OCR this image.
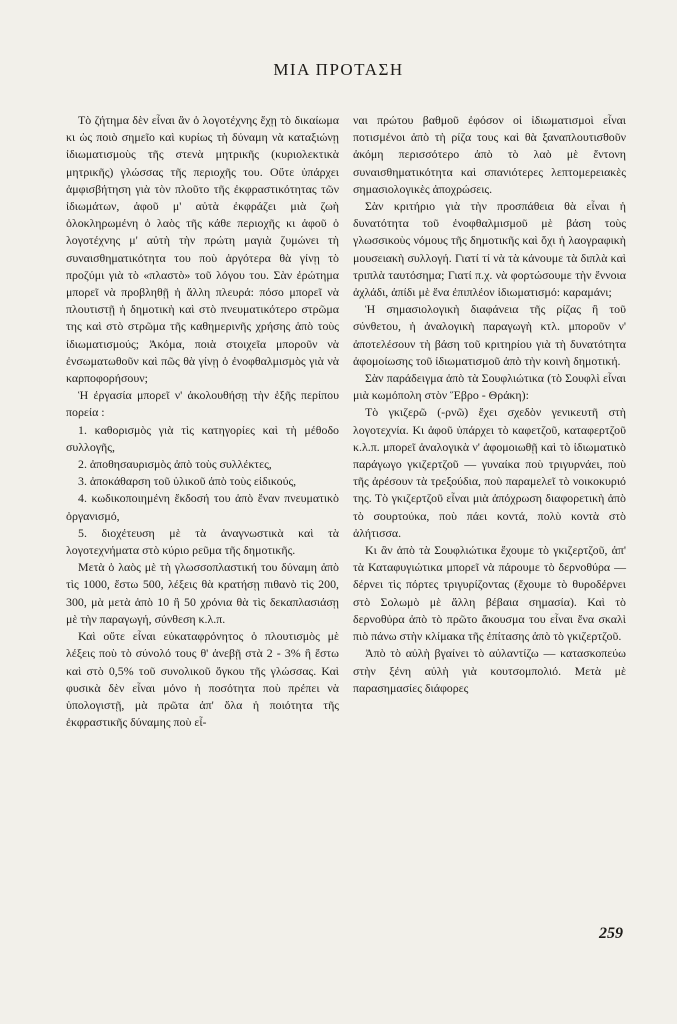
ΜΙΑ ΠΡΟΤΑΣΗ

Τὸ ζήτημα δὲν εἶναι ἂν ὁ λογοτέχνης ἔχῃ τὸ δικαίωμα κι ὡς ποιὸ σημεῖο καὶ κυρίως τὴ δύναμη νὰ καταξιώνῃ ἰδιωματισμοὺς τῆς στενὰ μητρικῆς (κυριολεκτικὰ μητρικῆς) γλώσσας τῆς περιοχῆς του. Οὔτε ὑπάρχει ἀμφισβήτηση γιὰ τὸν πλοῦτο τῆς ἐκφραστικότητας τῶν ἰδιωμάτων, ἀφοῦ μ' αὐτὰ ἐκφράζει μιὰ ζωὴ ὁλοκληρωμένη ὁ λαὸς τῆς κάθε περιοχῆς κι ἀφοῦ ὁ λογοτέχνης μ' αὐτὴ τὴν πρώτη μαγιὰ ζυμώνει τὴ συναισθηματικότητα του ποὺ ἀργότερα θὰ γίνῃ τὸ προζύμι γιὰ τὸ «πλαστὸ» τοῦ λόγου του. Σὰν ἐρώτημα μπορεῖ νὰ προβληθῇ ἡ ἄλλη πλευρά: πόσο μπορεῖ νὰ πλουτιστῇ ἡ δημοτικὴ καὶ στὸ πνευματικότερο στρῶμα της καὶ στὸ στρῶμα τῆς καθημερινῆς χρήσης ἀπὸ τοὺς ἰδιωματισμούς; Ἀκόμα, ποιὰ στοιχεῖα μποροῦν νὰ ἐνσωματωθοῦν καὶ πῶς θὰ γίνῃ ὁ ἐνοφθαλμισμὸς γιὰ νὰ καρποφορήσουν;

Ἡ ἐργασία μπορεῖ ν' ἀκολουθήσῃ τὴν ἑξῆς περίπου πορεία :

1. καθορισμὸς γιὰ τὶς κατηγορίες καὶ τὴ μέθοδο συλλογῆς,

2. ἀποθησαυρισμὸς ἀπὸ τοὺς συλλέκτες,

3. ἀποκάθαρση τοῦ ὑλικοῦ ἀπὸ τοὺς εἰδικούς,

4. κωδικοποιημένη ἔκδοσή του ἀπὸ ἕναν πνευματικὸ ὀργανισμό,

5. διοχέτευση μὲ τὰ ἀναγνωστικὰ καὶ τὰ λογοτεχνήματα στὸ κύριο ρεῦμα τῆς δημοτικῆς.

Μετὰ ὁ λαὸς μὲ τὴ γλωσσοπλαστική του δύναμη ἀπὸ τὶς 1000, ἔστω 500, λέξεις θὰ κρατήσῃ πιθανὸ τὶς 200, 300, μὰ μετὰ ἀπὸ 10 ἢ 50 χρόνια θὰ τὶς δεκαπλασιάσῃ μὲ τὴν παραγωγή, σύνθεση κ.λ.π.

Καὶ οὔτε εἶναι εὐκαταφρόνητος ὁ πλουτισμὸς μὲ λέξεις ποὺ τὸ σύνολό τους θ' ἀνεβῇ στὰ 2 - 3% ἢ ἔστω καὶ στὸ 0,5% τοῦ συνολικοῦ ὄγκου τῆς γλώσσας. Καὶ φυσικὰ δὲν εἶναι μόνο ἡ ποσότητα ποὺ πρέπει νὰ ὑπολογιστῇ, μὰ πρῶτα ἀπ' ὅλα ἡ ποιότητα τῆς ἐκφραστικῆς δύναμης ποὺ εἶ-

ναι πρώτου βαθμοῦ ἐφόσον οἱ ἰδιωματισμοὶ εἶναι ποτισμένοι ἀπὸ τὴ ρίζα τους καὶ θὰ ξαναπλουτισθοῦν ἀκόμη περισσότερο ἀπὸ τὸ λαὸ μὲ ἔντονη συναισθηματικότητα καὶ σπανιότερες λεπτομερειακὲς σημασιολογικὲς ἀποχρώσεις.

Σὰν κριτήριο γιὰ τὴν προσπάθεια θὰ εἶναι ἡ δυνατότητα τοῦ ἐνοφθαλμισμοῦ μὲ βάση τοὺς γλωσσικοὺς νόμους τῆς δημοτικῆς καὶ ὄχι ἡ λαογραφικὴ μουσειακὴ συλλογή. Γιατί τί νὰ τὰ κάνουμε τὰ διπλὰ καὶ τριπλὰ ταυτόσημα; Γιατί π.χ. νὰ φορτώσουμε τὴν ἔννοια ἀχλάδι, ἀπίδι μὲ ἕνα ἐπιπλέον ἰδιωματισμό: καραμάνι;

Ἡ σημασιολογικὴ διαφάνεια τῆς ρίζας ἢ τοῦ σύνθετου, ἡ ἀναλογικὴ παραγωγὴ κτλ. μποροῦν ν' ἀποτελέσουν τὴ βάση τοῦ κριτηρίου γιὰ τὴ δυνατότητα ἀφομοίωσης τοῦ ἰδιωματισμοῦ ἀπὸ τὴν κοινὴ δημοτική.

Σὰν παράδειγμα ἀπὸ τὰ Σουφλιώτικα (τὸ Σουφλὶ εἶναι μιὰ κωμόπολη στὸν Ἕβρο - Θράκη):

Τὸ γκιζερῶ (-ρνῶ) ἔχει σχεδὸν γενικευτῆ στὴ λογοτεχνία. Κι ἀφοῦ ὑπάρχει τὸ καφετζοῦ, καταφερτζοῦ κ.λ.π. μπορεῖ ἀναλογικὰ ν' ἀφομοιωθῇ καὶ τὸ ἰδιωματικὸ παράγωγο γκιζερτζοῦ — γυναίκα ποὺ τριγυρνάει, ποὺ τῆς ἀρέσουν τὰ τρεξούδια, ποὺ παραμελεῖ τὸ νοικοκυριό της. Τὸ γκιζερτζοῦ εἶναι μιὰ ἀπόχρωση διαφορετικὴ ἀπὸ τὸ σουρτούκα, ποὺ πάει κοντά, πολὺ κοντὰ στὸ ἀλήτισσα.

Κι ἂν ἀπὸ τὰ Σουφλιώτικα ἔχουμε τὸ γκιζερτζοῦ, ἀπ' τὰ Καταφυγιώτικα μπορεῖ νὰ πάρουμε τὸ δερνοθύρα — δέρνει τὶς πόρτες τριγυρίζοντας (ἔχουμε τὸ θυροδέρνει στὸ Σολωμὸ μὲ ἄλλη βέβαια σημασία). Καὶ τὸ δερνοθύρα ἀπὸ τὸ πρῶτο ἄκουσμα του εἶναι ἕνα σκαλὶ πιὸ πάνω στὴν κλίμακα τῆς ἐπίτασης ἀπὸ τὸ γκιζερτζοῦ.

Ἀπὸ τὸ αὐλὴ βγαίνει τὸ αὐλαντίζω — κατασκοπεύω στὴν ξένη αὐλὴ γιὰ κουτσομπολιό. Μετὰ μὲ παρασημασίες διάφορες

259
